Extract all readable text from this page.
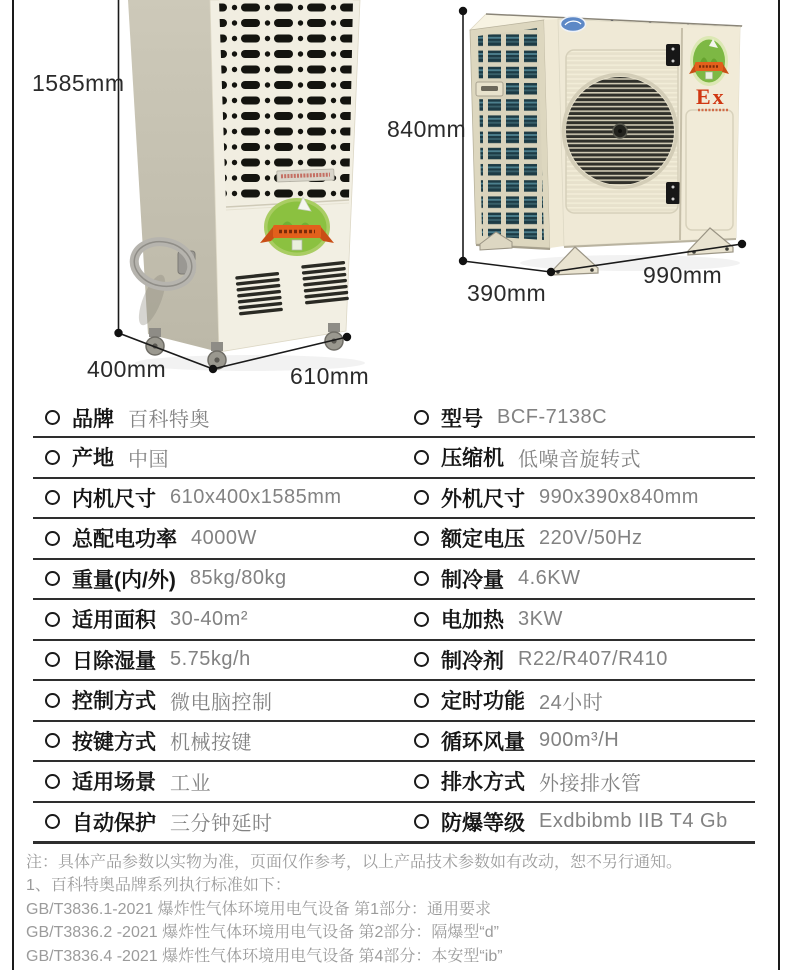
Ex
1585mm
400mm	610mm
840mm
390mm
990mm
品牌 百科特奥	型号 BCF-7138C
产地 中国	压缩机 低噪音旋转式
内机尺寸 610x400x1585mm	外机尺寸 990x390x840mm
总配电功率 4000W	额定电压 220V/50Hz
重量(内/外) 85kg/80kg	制冷量 4.6KW
适用面积 30-40m²	电加热 3KW
日除湿量 5.75kg/h	制冷剂 R22/R407/R410
控制方式 微电脑控制	定时功能 24小时
按键方式 机械按键	循环风量 900m³/H
适用场景 工业	排水方式 外接排水管
自动保护 三分钟延时	防爆等级 Exdbibmb IIB T4 Gb
注：具体产品参数以实物为准，页面仅作参考，以上产品技术参数如有改动，恕不另行通知。
1、百科特奥品牌系列执行标准如下：
GB/T3836.1-2021 爆炸性气体环境用电气设备 第1部分：通用要求
GB/T3836.2 -2021 爆炸性气体环境用电气设备 第2部分：隔爆型“d”
GB/T3836.4 -2021 爆炸性气体环境用电气设备 第4部分：本安型“ib”
